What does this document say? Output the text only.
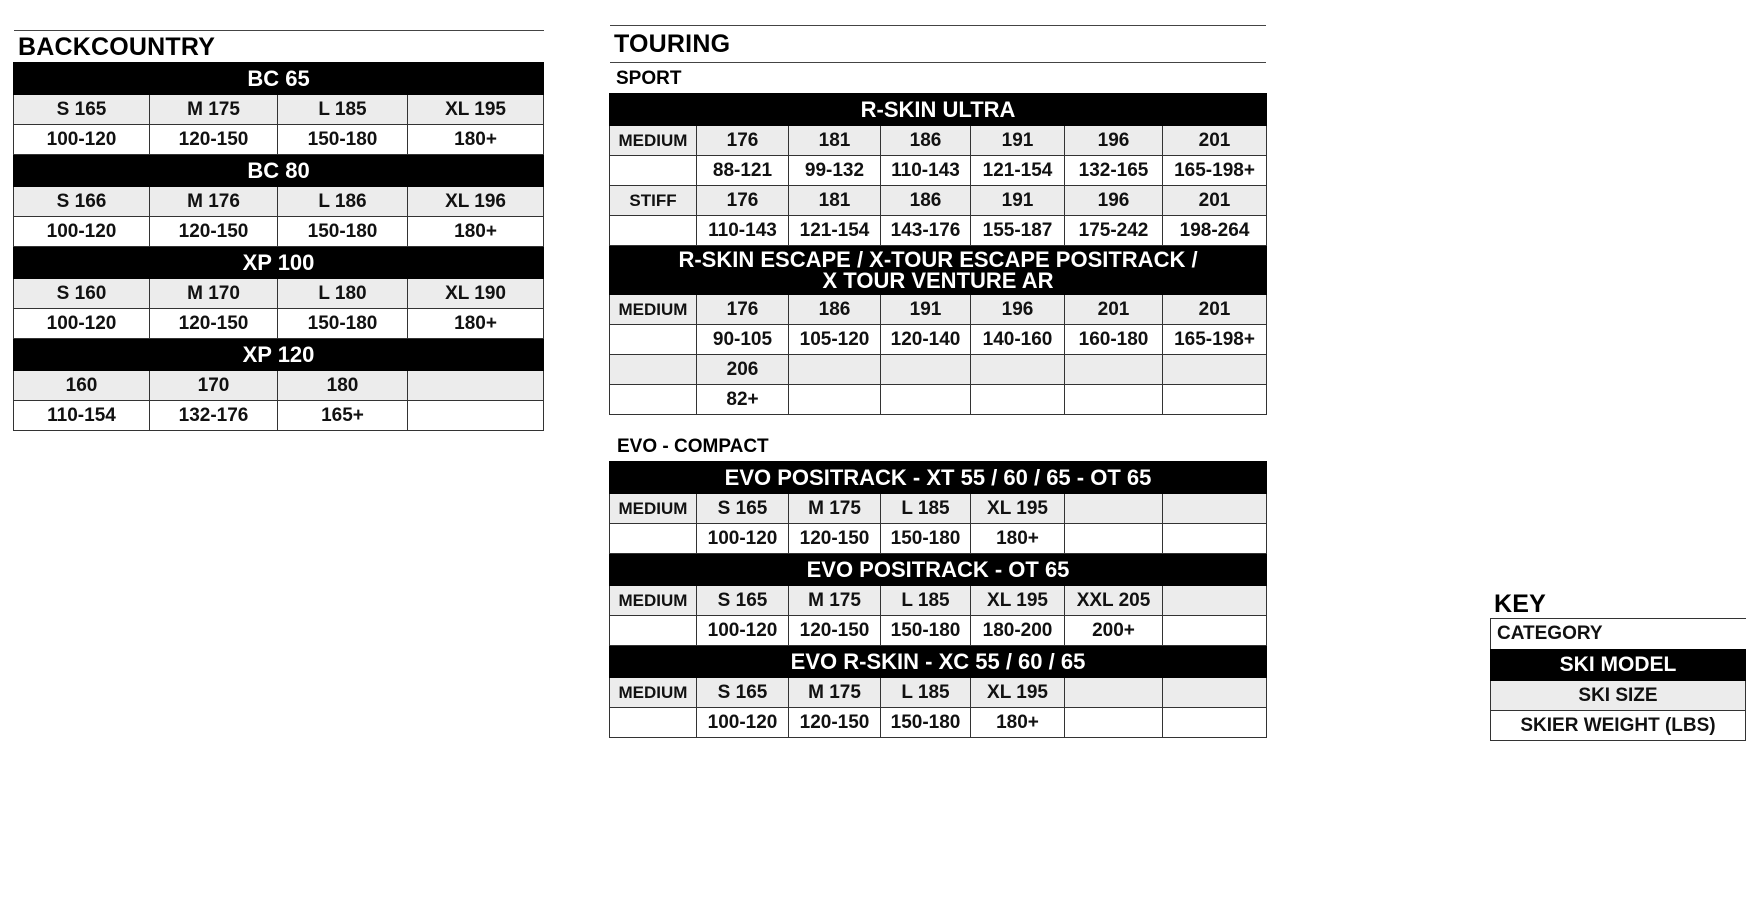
BACKCOUNTRY
BC 65			
S 165	M 175	L 185	XL 195
100-120	120-150	150-180	180+
BC 80			
S 166	M 176	L 186	XL 196
100-120	120-150	150-180	180+
XP 100			
S 160	M 170	L 180	XL 190
100-120	120-150	150-180	180+
XP 120			
160	170	180	
110-154	132-176	165+	
TOURING
SPORT
R-SKIN ULTRA						
MEDIUM	176	181	186	191	196	201
	88-121	99-132	110-143	121-154	132-165	165-198+
STIFF	176	181	186	191	196	201
	110-143	121-154	143-176	155-187	175-242	198-264

R-SKIN ESCAPE / X-TOUR ESCAPE POSITRACK /
X TOUR VENTURE AR						

MEDIUM	176	186	191	196	201	201
	90-105	105-120	120-140	140-160	160-180	165-198+
	206					
	82+					
EVO - COMPACT
EVO POSITRACK - XT 55 / 60 / 65 - OT 65						
MEDIUM	S 165	M 175	L 185	XL 195		
	100-120	120-150	150-180	180+		
EVO POSITRACK - OT 65						
MEDIUM	S 165	M 175	L 185	XL 195	XXL 205	
	100-120	120-150	150-180	180-200	200+	
EVO R-SKIN - XC 55 / 60 / 65						
MEDIUM	S 165	M 175	L 185	XL 195		
	100-120	120-150	150-180	180+		
KEY
CATEGORY
SKI MODEL
SKI SIZE
SKIER WEIGHT (LBS)
